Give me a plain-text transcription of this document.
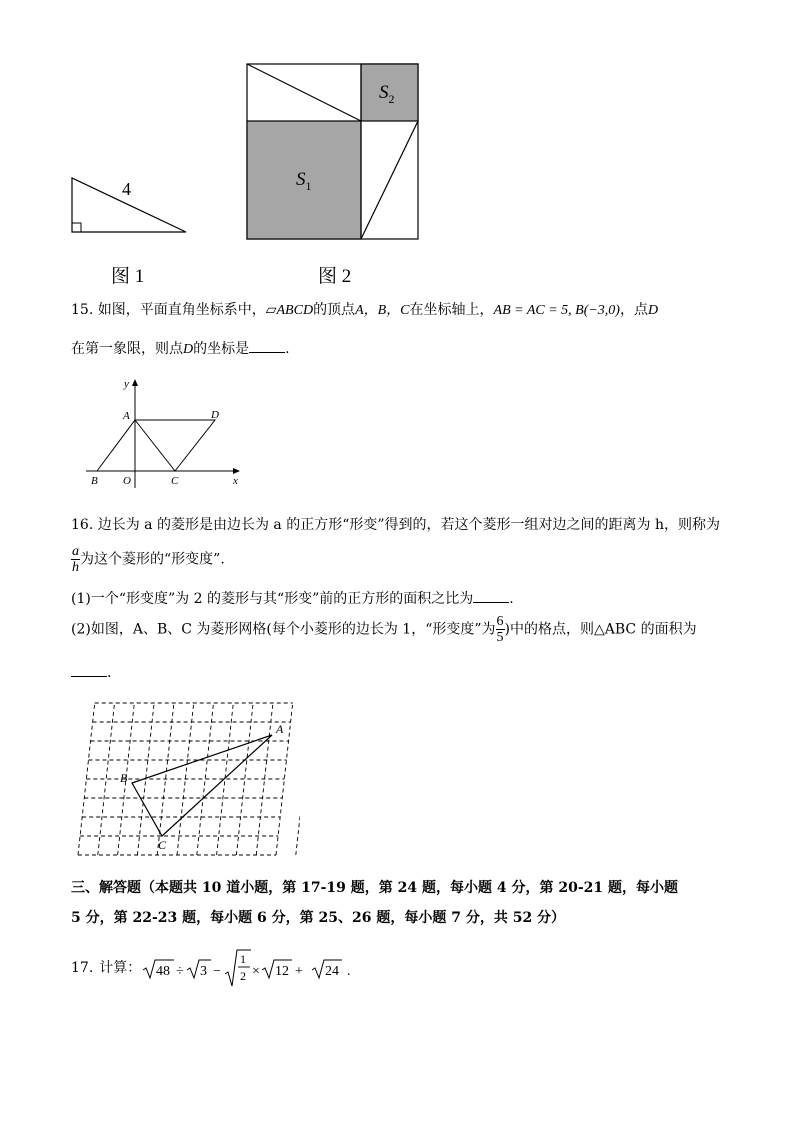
4
图 1
$S_1$
$S_2$
图 2
15. 如图，平面直角坐标系中，▱ABCD的顶点A，B，C在坐标轴上，AB = AC = 5, B(−3,0)，点D
在第一象限，则点D的坐标是	.
y
x
A	D
B O	C
16. 边长为 a 的菱形是由边长为 a 的正方形“形变”得到的，若这个菱形一组对边之间的距离为 h，则称为
$\frac{a}{h}$ 为这个菱形的“形变度”.
(1)一个“形变度”为 2 的菱形与其“形变”前的正方形的面积之比为	.
(2)如图，A、B、C 为菱形网格(每个小菱形的边长为 1，“形变度”为 $\frac{6}{5}$ )中的格点，则△ABC 的面积为
.
A
B
C
三、解答题（本题共 10 道小题，第 17-19 题，第 24 题，每小题 4 分，第 20-21 题，每小题
5 分，第 22-23 题，每小题 6 分，第 25、26 题，每小题 7 分，共 52 分）
17. 计算： 48 ÷ 3 −
1
2 × 12 + 24 .
